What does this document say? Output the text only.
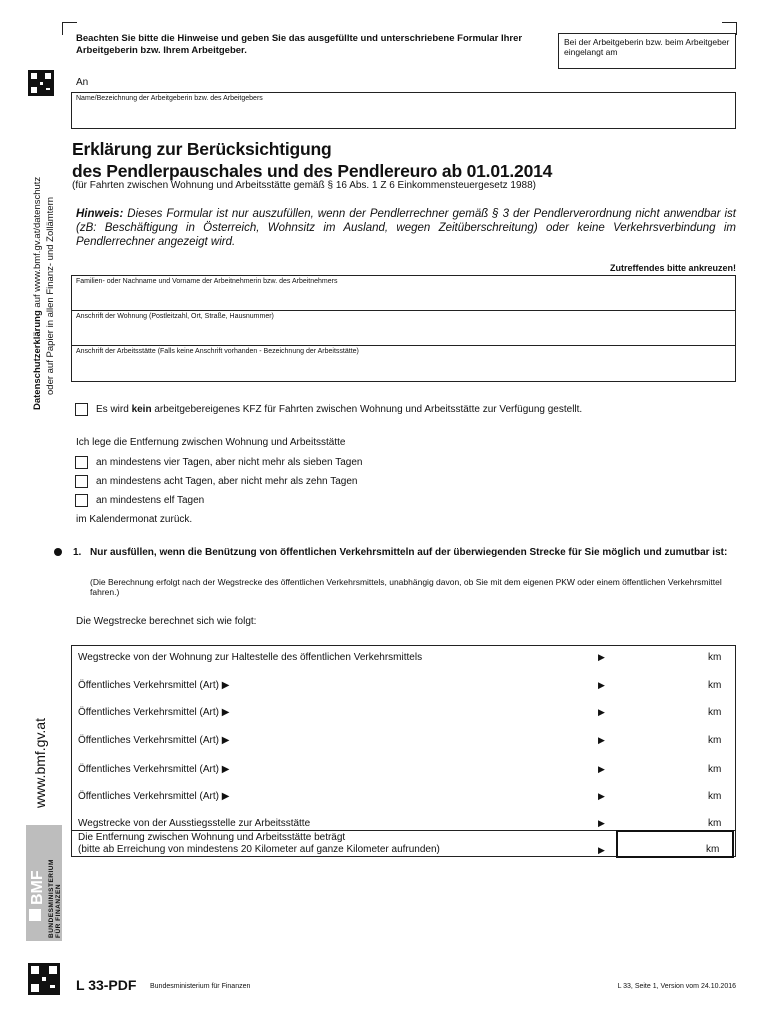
Beachten Sie bitte die Hinweise und geben Sie das ausgefüllte und unterschriebene Formular Ihrer Arbeitgeberin bzw. Ihrem Arbeitgeber.
Bei der Arbeitgeberin bzw. beim Arbeitgeber eingelangt am
An
Name/Bezeichnung der Arbeitgeberin bzw. des Arbeitgebers
Erklärung zur Berücksichtigung
des Pendlerpauschales und des Pendlereuro ab 01.01.2014
(für Fahrten zwischen Wohnung und Arbeitsstätte gemäß § 16 Abs. 1 Z 6 Einkommensteuergesetz 1988)
Hinweis: Dieses Formular ist nur auszufüllen, wenn der Pendlerrechner gemäß § 3 der Pendlerverordnung nicht anwendbar ist (zB: Beschäftigung in Österreich, Wohnsitz im Ausland, wegen Zeitüberschreitung) oder keine Verkehrsverbindung im Pendlerrechner angezeigt wird.
Zutreffendes bitte ankreuzen!
Familien- oder Nachname und Vorname der Arbeitnehmerin bzw. des Arbeitnehmers
Anschrift der Wohnung (Postleitzahl, Ort, Straße, Hausnummer)
Anschrift der Arbeitsstätte (Falls keine Anschrift vorhanden - Bezeichnung der Arbeitsstätte)
Es wird kein arbeitgebereigenes KFZ für Fahrten zwischen Wohnung und Arbeitsstätte zur Verfügung gestellt.
Ich lege die Entfernung zwischen Wohnung und Arbeitsstätte
an mindestens vier Tagen, aber nicht mehr als sieben Tagen
an mindestens acht Tagen, aber nicht mehr als zehn Tagen
an mindestens elf Tagen
im Kalendermonat zurück.
1. Nur ausfüllen, wenn die Benützung von öffentlichen Verkehrsmitteln auf der überwiegenden Strecke für Sie möglich und zumutbar ist:
(Die Berechnung erfolgt nach der Wegstrecke des öffentlichen Verkehrsmittels, unabhängig davon, ob Sie mit dem eigenen PKW oder einem öffentlichen Verkehrsmittel fahren.)
Die Wegstrecke berechnet sich wie folgt:
Wegstrecke von der Wohnung zur Haltestelle des öffentlichen Verkehrsmittels	▶	km
Öffentliches Verkehrsmittel (Art) ▶	▶	km
Öffentliches Verkehrsmittel (Art) ▶	▶	km
Öffentliches Verkehrsmittel (Art) ▶	▶	km
Öffentliches Verkehrsmittel (Art) ▶	▶	km
Öffentliches Verkehrsmittel (Art) ▶	▶	km
Wegstrecke von der Ausstiegsstelle zur Arbeitsstätte	▶	km
Die Entfernung zwischen Wohnung und Arbeitsstätte beträgt
(bitte ab Erreichung von mindestens 20 Kilometer auf ganze Kilometer aufrunden)	▶	km
Datenschutzerklärung auf www.bmf.gv.at/datenschutz oder auf Papier in allen Finanz- und Zollämtern
www.bmf.gv.at
BMF BUNDESMINISTERIUM FÜR FINANZEN
L 33-PDF Bundesministerium für Finanzen	L 33, Seite 1, Version vom 24.10.2016
